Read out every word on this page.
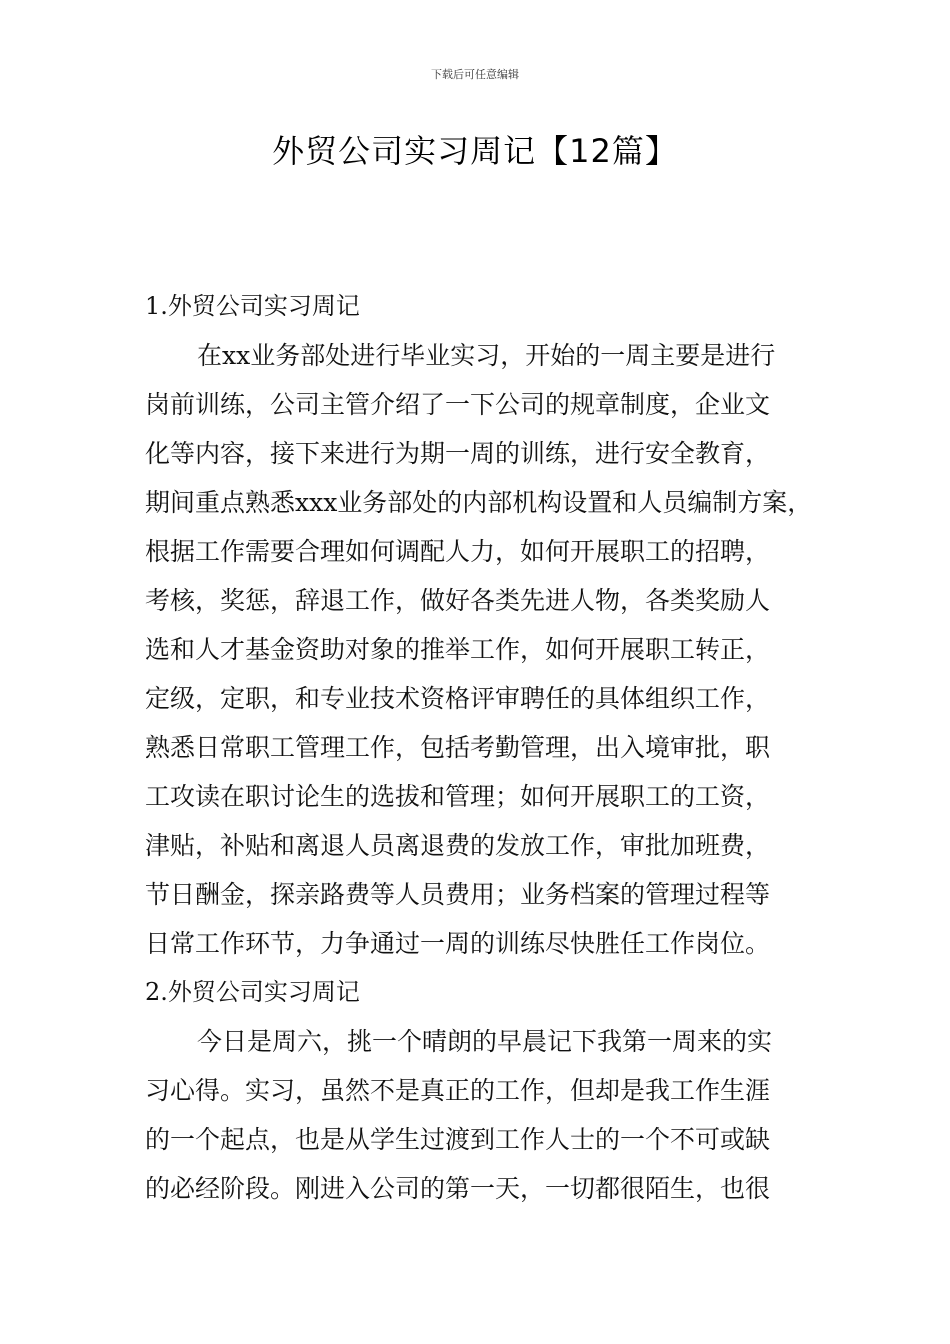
下载后可任意编辑
外贸公司实习周记【12篇】
1.外贸公司实习周记
在xx业务部处进行毕业实习，开始的一周主要是进行
岗前训练，公司主管介绍了一下公司的规章制度，企业文
化等内容，接下来进行为期一周的训练，进行安全教育，
期间重点熟悉xxx业务部处的内部机构设置和人员编制方案，
根据工作需要合理如何调配人力，如何开展职工的招聘，
考核，奖惩，辞退工作，做好各类先进人物，各类奖励人
选和人才基金资助对象的推举工作，如何开展职工转正，
定级，定职，和专业技术资格评审聘任的具体组织工作，
熟悉日常职工管理工作，包括考勤管理，出入境审批，职
工攻读在职讨论生的选拔和管理；如何开展职工的工资，
津贴，补贴和离退人员离退费的发放工作，审批加班费，
节日酬金，探亲路费等人员费用；业务档案的管理过程等
日常工作环节，力争通过一周的训练尽快胜任工作岗位。
2.外贸公司实习周记
今日是周六，挑一个晴朗的早晨记下我第一周来的实
习心得。实习，虽然不是真正的工作，但却是我工作生涯
的一个起点，也是从学生过渡到工作人士的一个不可或缺
的必经阶段。刚进入公司的第一天，一切都很陌生，也很
